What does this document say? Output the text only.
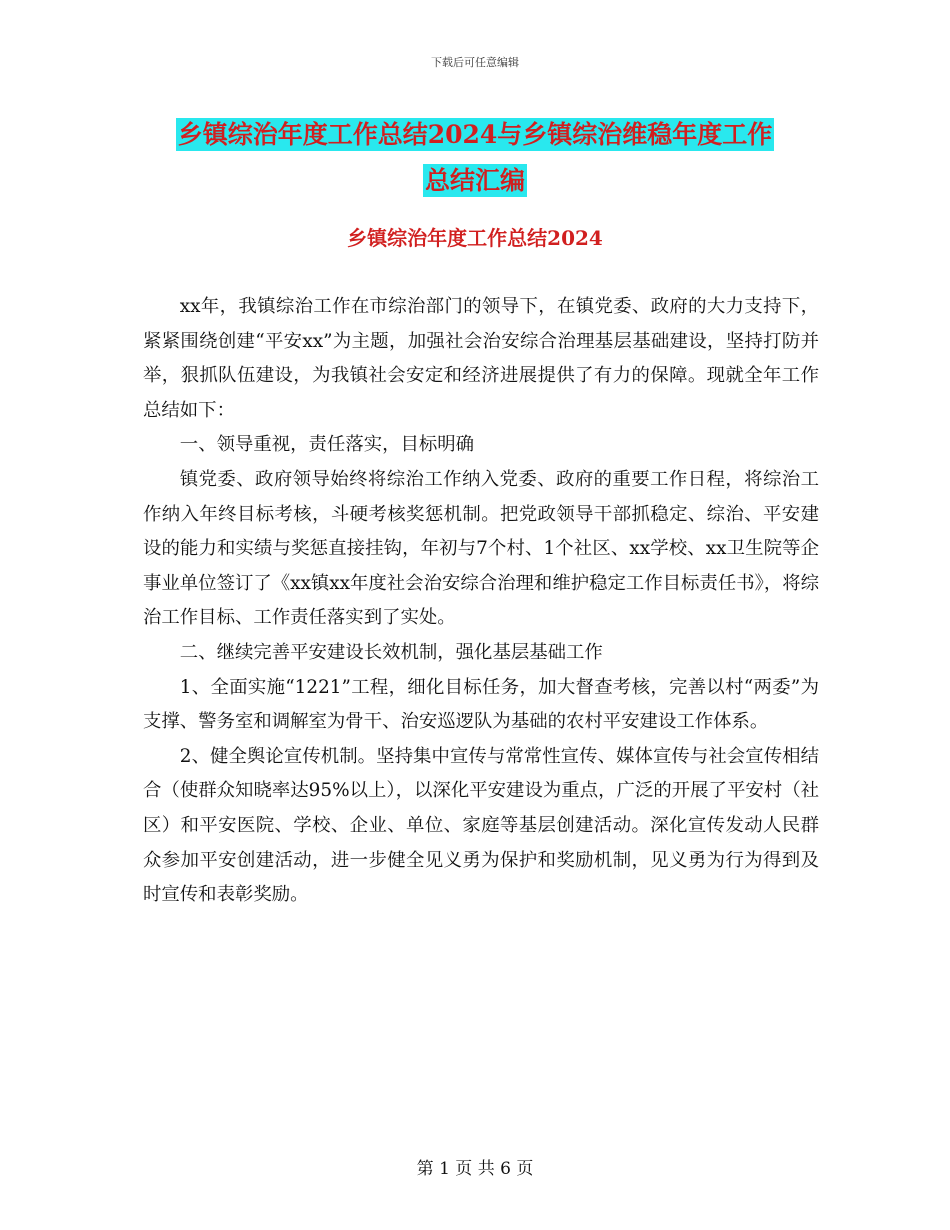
下载后可任意编辑
乡镇综治年度工作总结2024与乡镇综治维稳年度工作
总结汇编
乡镇综治年度工作总结2024

xx年，我镇综治工作在市综治部门的领导下，在镇党委、政府的大力支持下，紧紧围绕创建“平安xx”为主题，加强社会治安综合治理基层基础建设，坚持打防并举，狠抓队伍建设，为我镇社会安定和经济进展提供了有力的保障。现就全年工作总结如下：

一、领导重视，责任落实，目标明确

镇党委、政府领导始终将综治工作纳入党委、政府的重要工作日程，将综治工作纳入年终目标考核，斗硬考核奖惩机制。把党政领导干部抓稳定、综治、平安建设的能力和实绩与奖惩直接挂钩，年初与7个村、1个社区、xx学校、xx卫生院等企事业单位签订了《xx镇xx年度社会治安综合治理和维护稳定工作目标责任书》，将综治工作目标、工作责任落实到了实处。

二、继续完善平安建设长效机制，强化基层基础工作

1、全面实施“1221”工程，细化目标任务，加大督查考核，完善以村“两委”为支撑、警务室和调解室为骨干、治安巡逻队为基础的农村平安建设工作体系。

2、健全舆论宣传机制。坚持集中宣传与常常性宣传、媒体宣传与社会宣传相结合（使群众知晓率达95%以上），以深化平安建设为重点，广泛的开展了平安村（社区）和平安医院、学校、企业、单位、家庭等基层创建活动。深化宣传发动人民群众参加平安创建活动，进一步健全见义勇为保护和奖励机制，见义勇为行为得到及时宣传和表彰奖励。

第 1 页 共 6 页
